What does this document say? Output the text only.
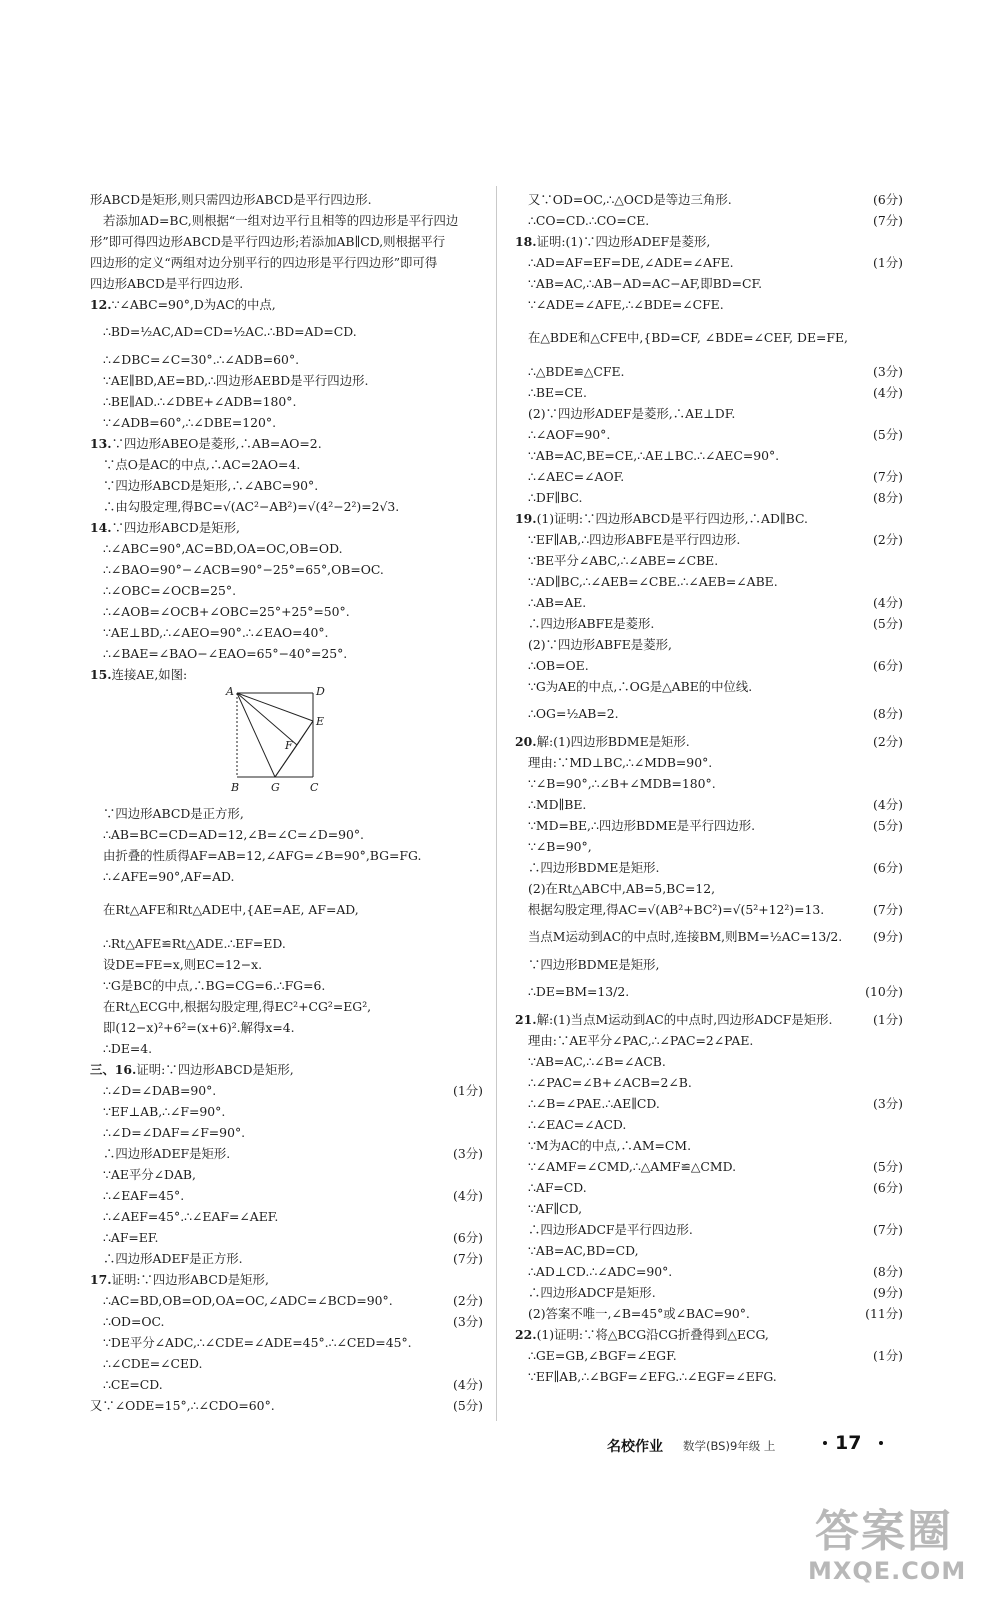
形ABCD是矩形,则只需四边形ABCD是平行四边形.
若添加AD=BC,则根据“一组对边平行且相等的四边形是平行四边
形”即可得四边形ABCD是平行四边形;若添加AB∥CD,则根据平行
四边形的定义“两组对边分别平行的四边形是平行四边形”即可得
四边形ABCD是平行四边形.
12.∵∠ABC=90°,D为AC的中点,
∴BD=½AC,AD=CD=½AC.∴BD=AD=CD.
∴∠DBC=∠C=30°.∴∠ADB=60°.
∵AE∥BD,AE=BD,∴四边形AEBD是平行四边形.
∴BE∥AD.∴∠DBE+∠ADB=180°.
∵∠ADB=60°,∴∠DBE=120°.
13.∵四边形ABEO是菱形,∴AB=AO=2.
∵点O是AC的中点,∴AC=2AO=4.
∵四边形ABCD是矩形,∴∠ABC=90°.
∴由勾股定理,得BC=√(AC²−AB²)=√(4²−2²)=2√3.
14.∵四边形ABCD是矩形,
∴∠ABC=90°,AC=BD,OA=OC,OB=OD.
∴∠BAO=90°−∠ACB=90°−25°=65°,OB=OC.
∴∠OBC=∠OCB=25°.
∴∠AOB=∠OCB+∠OBC=25°+25°=50°.
∵AE⊥BD,∴∠AEO=90°.∴∠EAO=40°.
∴∠BAE=∠BAO−∠EAO=65°−40°=25°.
15.连接AE,如图:
A	D
E
F
B	G	C
∵四边形ABCD是正方形,
∴AB=BC=CD=AD=12,∠B=∠C=∠D=90°.
由折叠的性质得AF=AB=12,∠AFG=∠B=90°,BG=FG.
∴∠AFE=90°,AF=AD.
在Rt△AFE和Rt△ADE中,{AE=AE, AF=AD,
∴Rt△AFE≌Rt△ADE.∴EF=ED.
设DE=FE=x,则EC=12−x.
∵G是BC的中点,∴BG=CG=6.∴FG=6.
在Rt△ECG中,根据勾股定理,得EC²+CG²=EG²,
即(12−x)²+6²=(x+6)².解得x=4.
∴DE=4.
三、16.证明:∵四边形ABCD是矩形,
∴∠D=∠DAB=90°.	(1分)
∵EF⊥AB,∴∠F=90°.
∴∠D=∠DAF=∠F=90°.
∴四边形ADEF是矩形.	(3分)
∵AE平分∠DAB,
∴∠EAF=45°.	(4分)
∴∠AEF=45°.∴∠EAF=∠AEF.
∴AF=EF.	(6分)
∴四边形ADEF是正方形.	(7分)
17.证明:∵四边形ABCD是矩形,
∴AC=BD,OB=OD,OA=OC,∠ADC=∠BCD=90°.	(2分)
∴OD=OC.	(3分)
∵DE平分∠ADC,∴∠CDE=∠ADE=45°.∴∠CED=45°.
∴∠CDE=∠CED.
∴CE=CD.	(4分)
又∵∠ODE=15°,∴∠CDO=60°.	(5分)
又∵OD=OC,∴△OCD是等边三角形.	(6分)
∴CO=CD.∴CO=CE.	(7分)
18.证明:(1)∵四边形ADEF是菱形,
∴AD=AF=EF=DE,∠ADE=∠AFE.	(1分)
∵AB=AC,∴AB−AD=AC−AF,即BD=CF.
∵∠ADE=∠AFE,∴∠BDE=∠CFE.
在△BDE和△CFE中,{BD=CF, ∠BDE=∠CEF, DE=FE,
∴△BDE≌△CFE.	(3分)
∴BE=CE.	(4分)
(2)∵四边形ADEF是菱形,∴AE⊥DF.
∴∠AOF=90°.	(5分)
∵AB=AC,BE=CE,∴AE⊥BC.∴∠AEC=90°.
∴∠AEC=∠AOF.	(7分)
∴DF∥BC.	(8分)
19.(1)证明:∵四边形ABCD是平行四边形,∴AD∥BC.
∵EF∥AB,∴四边形ABFE是平行四边形.	(2分)
∵BE平分∠ABC,∴∠ABE=∠CBE.
∵AD∥BC,∴∠AEB=∠CBE.∴∠AEB=∠ABE.
∴AB=AE.	(4分)
∴四边形ABFE是菱形.	(5分)
(2)∵四边形ABFE是菱形,
∴OB=OE.	(6分)
∵G为AE的中点,∴OG是△ABE的中位线.
∴OG=½AB=2.	(8分)
20.解:(1)四边形BDME是矩形.	(2分)
理由:∵MD⊥BC,∴∠MDB=90°.
∵∠B=90°,∴∠B+∠MDB=180°.
∴MD∥BE.	(4分)
∵MD=BE,∴四边形BDME是平行四边形.	(5分)
∵∠B=90°,
∴四边形BDME是矩形.	(6分)
(2)在Rt△ABC中,AB=5,BC=12,
根据勾股定理,得AC=√(AB²+BC²)=√(5²+12²)=13.	(7分)
当点M运动到AC的中点时,连接BM,则BM=½AC=13/2. (9分)
∵四边形BDME是矩形,
∴DE=BM=13/2.	(10分)
21.解:(1)当点M运动到AC的中点时,四边形ADCF是矩形.	(1分)
理由:∵AE平分∠PAC,∴∠PAC=2∠PAE.
∵AB=AC,∴∠B=∠ACB.
∴∠PAC=∠B+∠ACB=2∠B.
∴∠B=∠PAE.∴AE∥CD.	(3分)
∴∠EAC=∠ACD.
∵M为AC的中点,∴AM=CM.
∵∠AMF=∠CMD,∴△AMF≌△CMD.	(5分)
∴AF=CD.	(6分)
∵AF∥CD,
∴四边形ADCF是平行四边形.	(7分)
∵AB=AC,BD=CD,
∴AD⊥CD.∴∠ADC=90°.	(8分)
∴四边形ADCF是矩形.	(9分)
(2)答案不唯一,∠B=45°或∠BAC=90°.	(11分)
22.(1)证明:∵将△BCG沿CG折叠得到△ECG,
∴GE=GB,∠BGF=∠EGF.	(1分)
∵EF∥AB,∴∠BGF=∠EFG.∴∠EGF=∠EFG.
名校作业 数学(BS)9年级 上	17
答案圈
MXQE.COM
